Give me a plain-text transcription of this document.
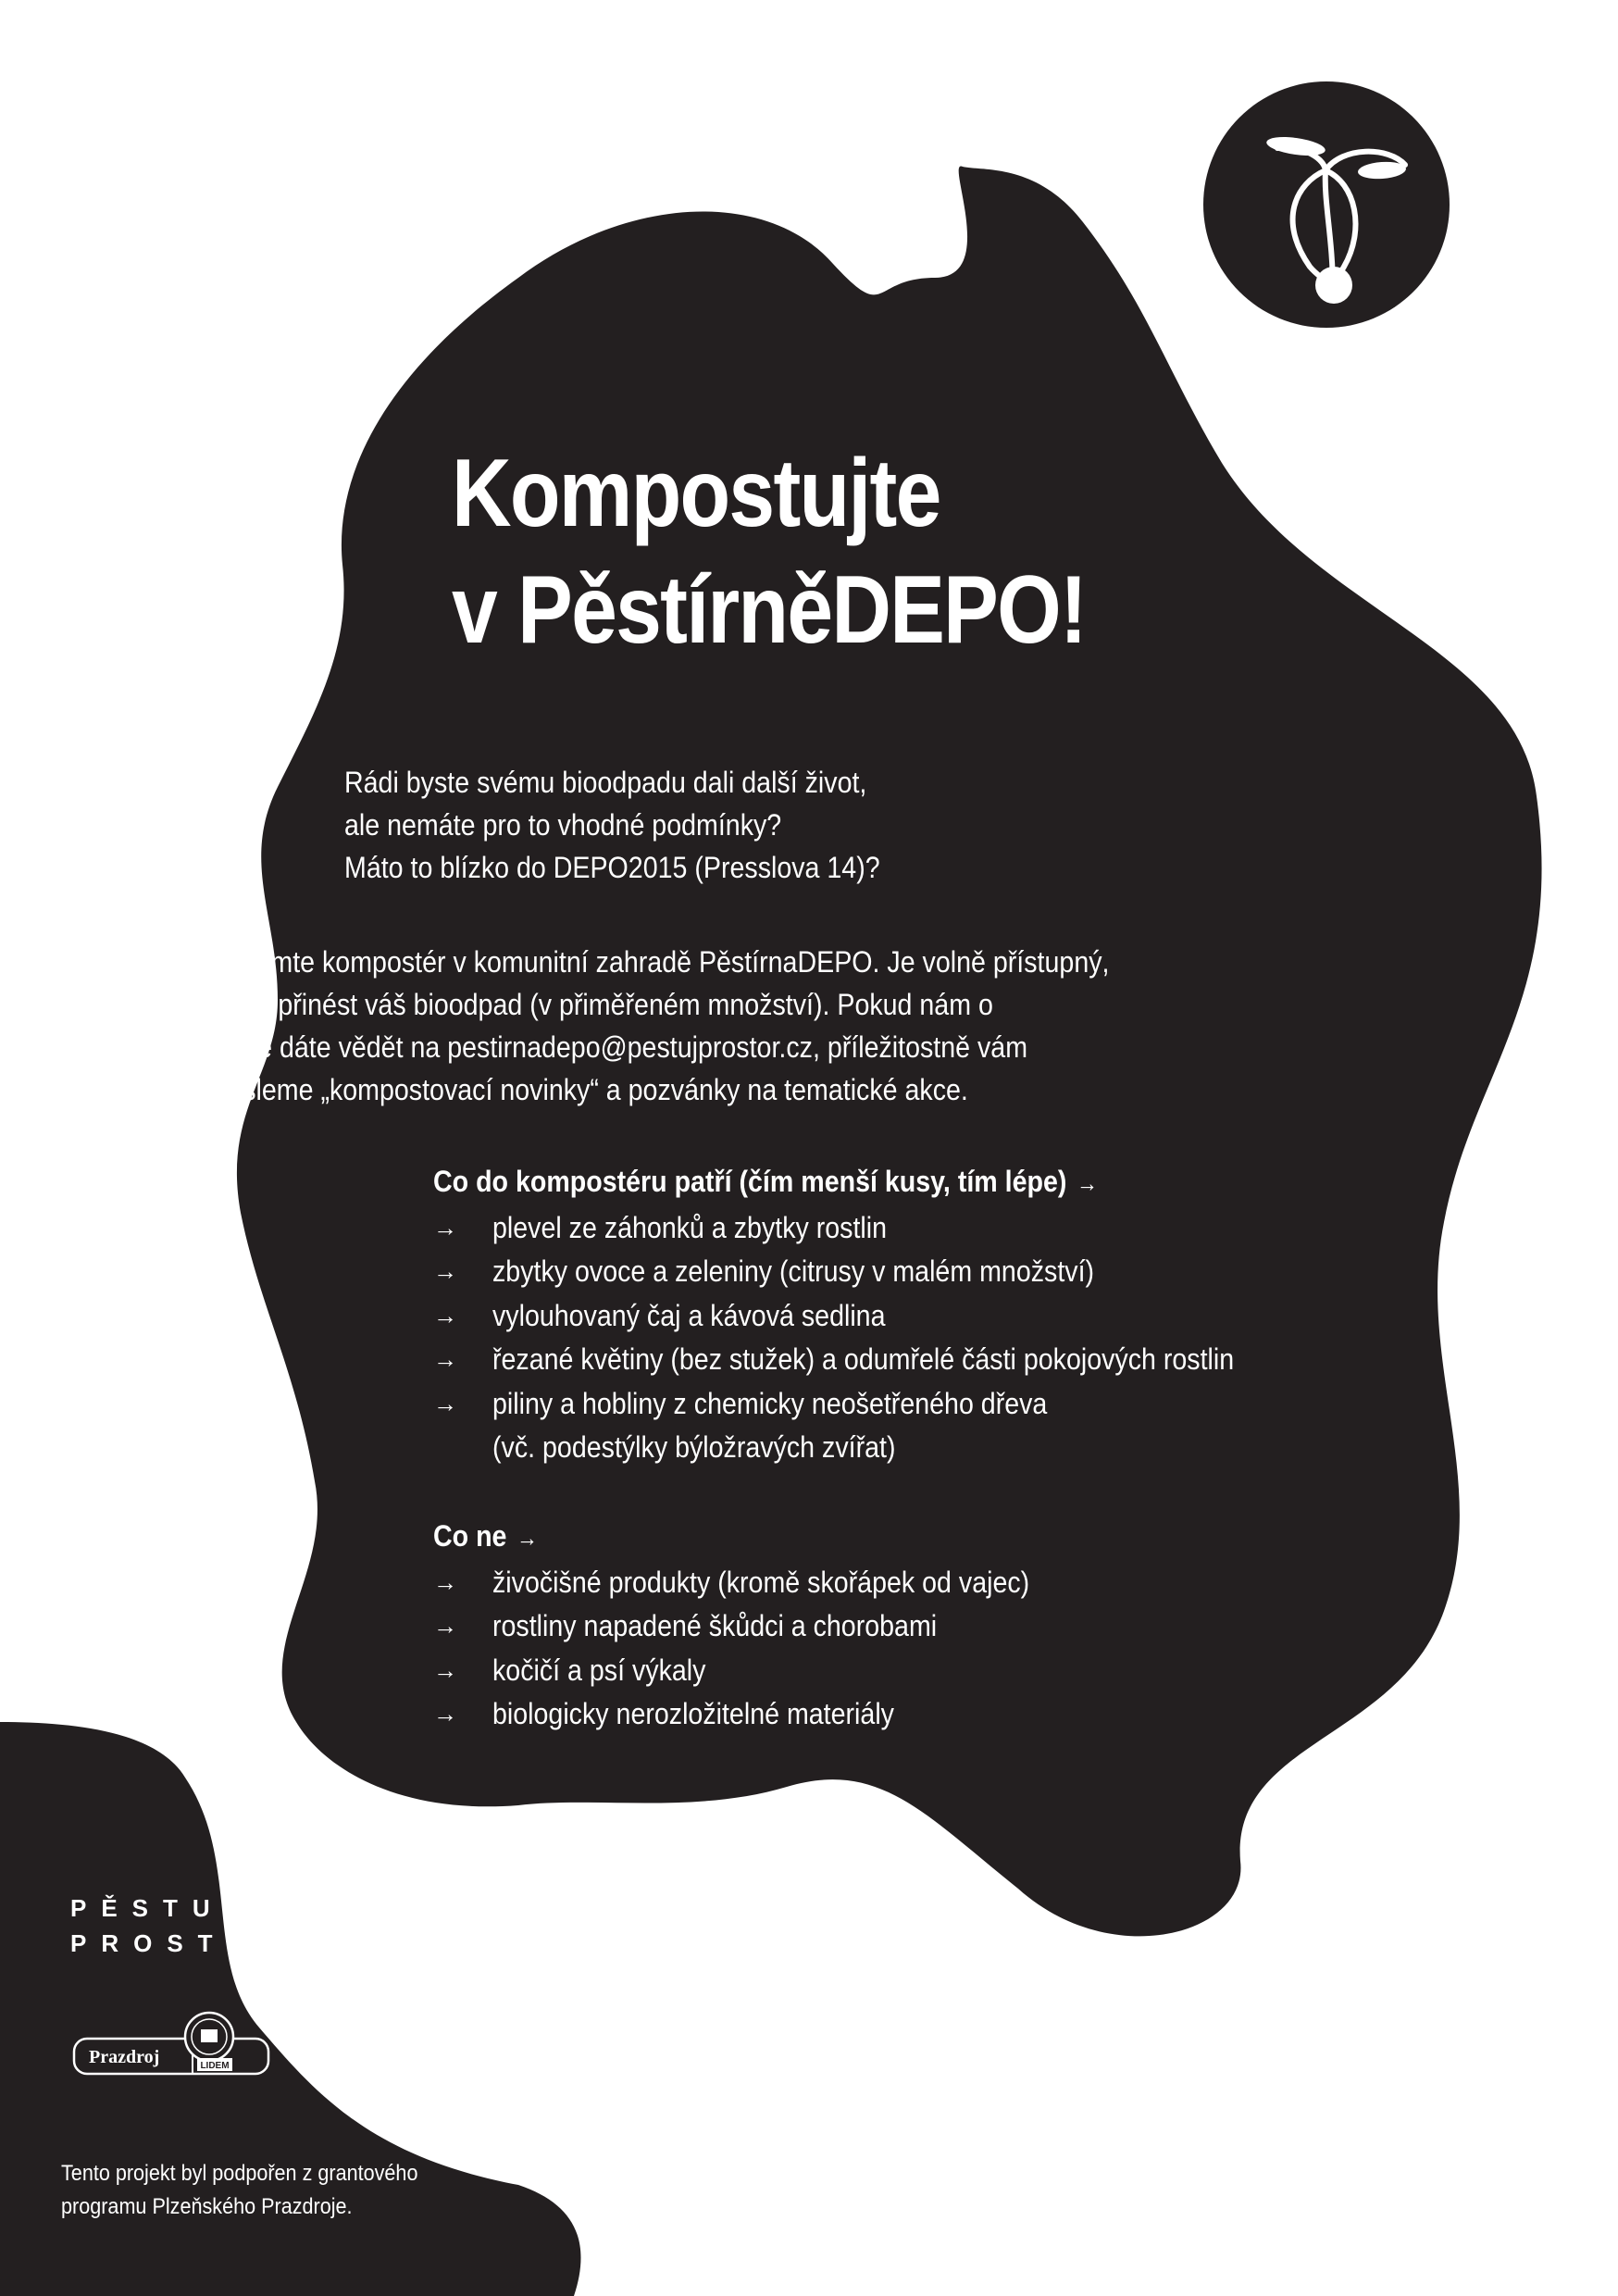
Kompostujte
v PěstírněDEPO!
Rádi byste svému bioodpadu dali další život,
ale nemáte pro to vhodné podmínky?
Máto to blízko do DEPO2015 (Presslova 14)?
Nakrmte kompostér v komunitní zahradě PěstírnaDEPO. Je volně přístupný,
stačí přinést váš bioodpad (v přiměřeném množství). Pokud nám o
sobě dáte vědět na pestirnadepo@pestujprostor.cz, příležitostně vám
zašleme „kompostovací novinky“ a pozvánky na tematické akce.
Co do kompostéru patří (čím menší kusy, tím lépe) →
→ plevel ze záhonků a zbytky rostlin
→ zbytky ovoce a zeleniny (citrusy v malém množství)
→ vylouhovaný čaj a kávová sedlina
→ řezané květiny (bez stužek) a odumřelé části pokojových rostlin
→ piliny a hobliny z chemicky neošetřeného dřeva
(vč. podestýlky býložravých zvířat)
Co ne →
→ živočišné produkty (kromě skořápek od vajec)
→ rostliny napadené škůdci a chorobami
→ kočičí a psí výkaly
→ biologicky nerozložitelné materiály
PĚSTUJ
PROSTOR
LIDEM
Prazdroj
Tento projekt byl podpořen z grantového
programu Plzeňského Prazdroje.
